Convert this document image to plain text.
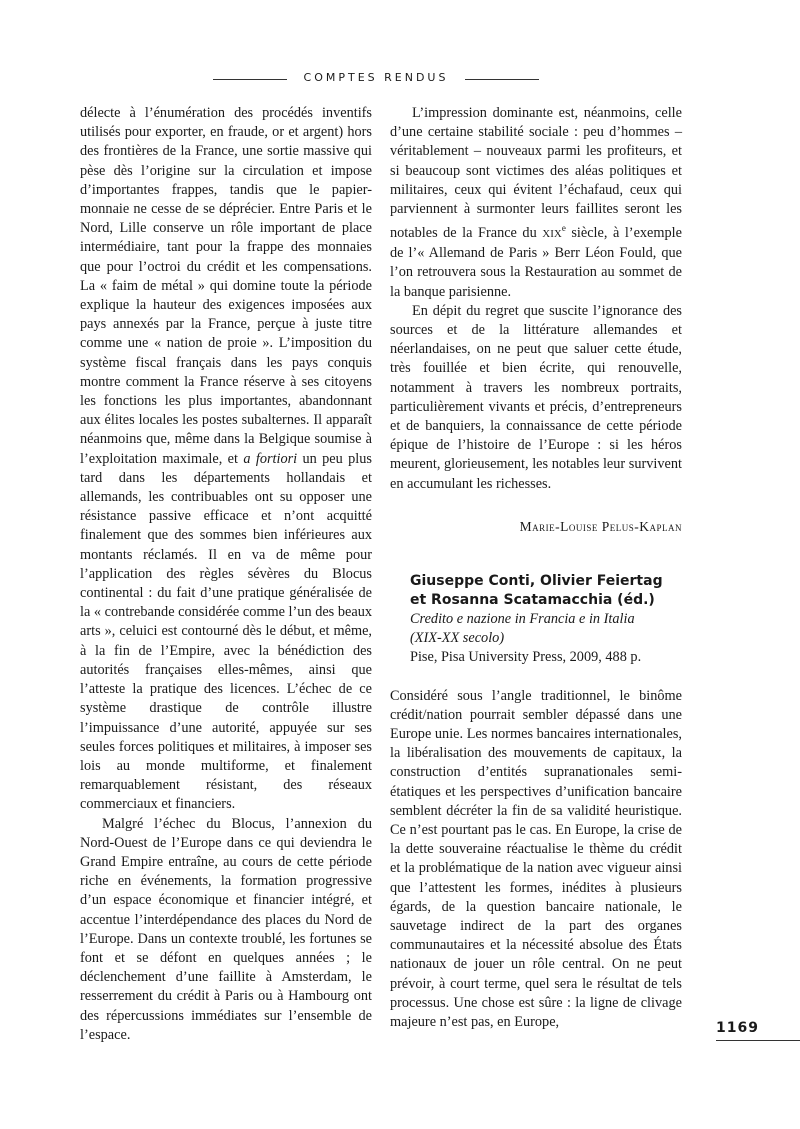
COMPTES RENDUS

délecte à l’énumération des procédés inventifs utilisés pour exporter, en fraude, or et argent) hors des frontières de la France, une sortie massive qui pèse dès l’origine sur la circulation et impose d’importantes frappes, tandis que le papier-monnaie ne cesse de se déprécier. Entre Paris et le Nord, Lille conserve un rôle important de place intermédiaire, tant pour la frappe des monnaies que pour l’octroi du crédit et les compensations. La « faim de métal » qui domine toute la période explique la hauteur des exigences imposées aux pays annexés par la France, perçue à juste titre comme une « nation de proie ». L’imposition du système fiscal français dans les pays conquis montre comment la France réserve à ses citoyens les fonctions les plus importantes, abandonnant aux élites locales les postes subalternes. Il apparaît néanmoins que, même dans la Belgique soumise à l’exploitation maximale, et a fortiori un peu plus tard dans les départements hollandais et allemands, les contribuables ont su opposer une résistance passive efficace et n’ont acquitté finalement que des sommes bien inférieures aux montants réclamés. Il en va de même pour l’application des règles sévères du Blocus continental : du fait d’une pratique généralisée de la « contrebande considérée comme l’un des beaux arts », celuici est contourné dès le début, et même, à la fin de l’Empire, avec la bénédiction des autorités françaises elles-mêmes, ainsi que l’atteste la pratique des licences. L’échec de ce système drastique de contrôle illustre l’impuissance d’une autorité, appuyée sur ses seules forces politiques et militaires, à imposer ses lois au monde multiforme, et finalement remarquablement résistant, des réseaux commerciaux et financiers.

Malgré l’échec du Blocus, l’annexion du Nord-Ouest de l’Europe dans ce qui deviendra le Grand Empire entraîne, au cours de cette période riche en événements, la formation progressive d’un espace économique et financier intégré, et accentue l’interdépendance des places du Nord de l’Europe. Dans un contexte troublé, les fortunes se font et se défont en quelques années ; le déclenchement d’une faillite à Amsterdam, le resserrement du crédit à Paris ou à Hambourg ont des répercussions immédiates sur l’ensemble de l’espace.

L’impression dominante est, néanmoins, celle d’une certaine stabilité sociale : peu d’hommes – véritablement – nouveaux parmi les profiteurs, et si beaucoup sont victimes des aléas politiques et militaires, ceux qui évitent l’échafaud, ceux qui parviennent à surmonter leurs faillites seront les notables de la France du XIXe siècle, à l’exemple de l’« Allemand de Paris » Berr Léon Fould, que l’on retrouvera sous la Restauration au sommet de la banque parisienne.

En dépit du regret que suscite l’ignorance des sources et de la littérature allemandes et néerlandaises, on ne peut que saluer cette étude, très fouillée et bien écrite, qui renouvelle, notamment à travers les nombreux portraits, particulièrement vivants et précis, d’entrepreneurs et de banquiers, la connaissance de cette période épique de l’histoire de l’Europe : si les héros meurent, glorieusement, les notables leur survivent en accumulant les richesses.

Marie-Louise Pelus-Kaplan

Giuseppe Conti, Olivier Feiertag
et Rosanna Scatamacchia (éd.)
Credito e nazione in Francia e in Italia
(XIX-XX secolo)
Pise, Pisa University Press, 2009, 488 p.

Considéré sous l’angle traditionnel, le binôme crédit/nation pourrait sembler dépassé dans une Europe unie. Les normes bancaires internationales, la libéralisation des mouvements de capitaux, la construction d’entités supranationales semi-étatiques et les perspectives d’unification bancaire semblent décréter la fin de sa validité heuristique. Ce n’est pourtant pas le cas. En Europe, la crise de la dette souveraine réactualise le thème du crédit et la problématique de la nation avec vigueur ainsi que l’attestent les formes, inédites à plusieurs égards, de la question bancaire nationale, le sauvetage indirect de la part des organes communautaires et la nécessité absolue des États nationaux de jouer un rôle central. On ne peut prévoir, à court terme, quel sera le résultat de tels processus. Une chose est sûre : la ligne de clivage majeure n’est pas, en Europe,	1169
